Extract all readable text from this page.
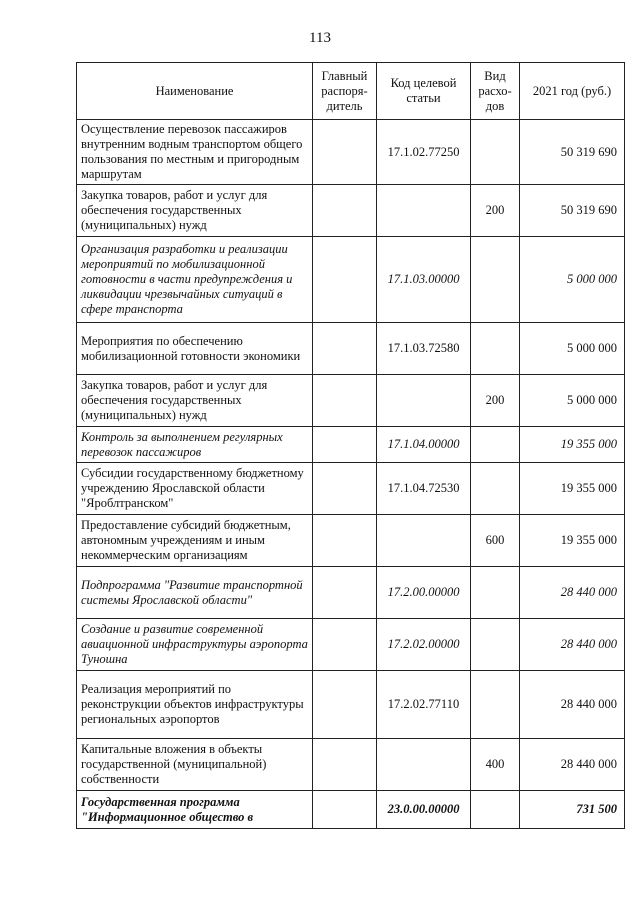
113
Наименование	Главный распоря-дитель	Код целевой статьи	Вид расхо-дов	2021 год (руб.)
Осуществление перевозок пассажиров внутренним водным транспортом общего пользования по местным и пригородным маршрутам		17.1.02.77250		50 319 690
Закупка товаров, работ и услуг для обеспечения государственных (муниципальных) нужд			200	50 319 690
Организация разработки и реализации мероприятий по мобилизационной готовности в части предупреждения и ликвидации чрезвычайных ситуаций в сфере транспорта		17.1.03.00000		5 000 000
Мероприятия по обеспечению мобилизационной готовности экономики		17.1.03.72580		5 000 000
Закупка товаров, работ и услуг для обеспечения государственных (муниципальных) нужд			200	5 000 000
Контроль за выполнением регулярных перевозок пассажиров		17.1.04.00000		19 355 000
Субсидии государственному бюджетному учреждению Ярославской области "Яроблтранском"		17.1.04.72530		19 355 000
Предоставление субсидий бюджетным, автономным учреждениям и иным некоммерческим организациям			600	19 355 000
Подпрограмма "Развитие транспортной системы Ярославской области"		17.2.00.00000		28 440 000
Создание и развитие современной авиационной инфраструктуры аэропорта Туношна		17.2.02.00000		28 440 000
Реализация мероприятий по реконструкции объектов инфраструктуры региональных аэропортов		17.2.02.77110		28 440 000
Капитальные вложения в объекты государственной (муниципальной) собственности			400	28 440 000
Государственная программа "Информационное общество в		23.0.00.00000		731 500
